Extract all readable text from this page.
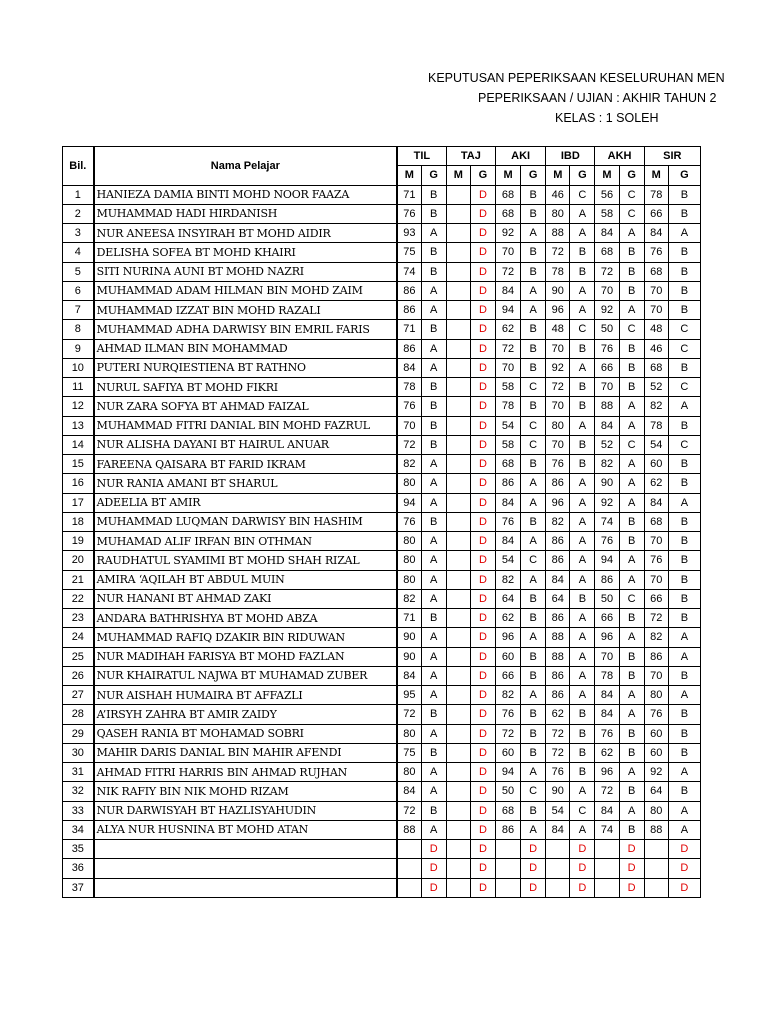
KEPUTUSAN PEPERIKSAAN KESELURUHAN MEN
PEPERIKSAAN / UJIAN : AKHIR TAHUN 2
KELAS : 1 SOLEH
Bil.	Nama Pelajar	TIL		TAJ		AKI		IBD		AKH		SIR	
		M	G	M	G	M	G	M	G	M	G	M	G
1	HANIEZA DAMIA BINTI MOHD NOOR FAAZA	71	B		D	68	B	46	C	56	C	78	B
2	MUHAMMAD HADI HIRDANISH	76	B		D	68	B	80	A	58	C	66	B
3	NUR ANEESA INSYIRAH BT MOHD AIDIR	93	A		D	92	A	88	A	84	A	84	A
4	DELISHA SOFEA BT MOHD KHAIRI	75	B		D	70	B	72	B	68	B	76	B
5	SITI NURINA AUNI BT MOHD NAZRI	74	B		D	72	B	78	B	72	B	68	B
6	MUHAMMAD ADAM HILMAN BIN MOHD ZAIM	86	A		D	84	A	90	A	70	B	70	B
7	MUHAMMAD IZZAT BIN MOHD RAZALI	86	A		D	94	A	96	A	92	A	70	B
8	MUHAMMAD ADHA DARWISY BIN EMRIL FARIS	71	B		D	62	B	48	C	50	C	48	C
9	AHMAD ILMAN BIN MOHAMMAD	86	A		D	72	B	70	B	76	B	46	C
10	PUTERI NURQIESTIENA BT RATHNO	84	A		D	70	B	92	A	66	B	68	B
11	NURUL SAFIYA BT MOHD FIKRI	78	B		D	58	C	72	B	70	B	52	C
12	NUR ZARA SOFYA BT AHMAD FAIZAL	76	B		D	78	B	70	B	88	A	82	A
13	MUHAMMAD FITRI DANIAL BIN MOHD FAZRUL	70	B		D	54	C	80	A	84	A	78	B
14	NUR ALISHA DAYANI BT HAIRUL ANUAR	72	B		D	58	C	70	B	52	C	54	C
15	FAREENA QAISARA BT FARID IKRAM	82	A		D	68	B	76	B	82	A	60	B
16	NUR RANIA AMANI BT SHARUL	80	A		D	86	A	86	A	90	A	62	B
17	ADEELIA BT AMIR	94	A		D	84	A	96	A	92	A	84	A
18	MUHAMMAD LUQMAN DARWISY BIN HASHIM	76	B		D	76	B	82	A	74	B	68	B
19	MUHAMAD ALIF IRFAN BIN OTHMAN	80	A		D	84	A	86	A	76	B	70	B
20	RAUDHATUL SYAMIMI BT MOHD SHAH RIZAL	80	A		D	54	C	86	A	94	A	76	B
21	AMIRA ‘AQILAH BT ABDUL MUIN	80	A		D	82	A	84	A	86	A	70	B
22	NUR HANANI BT AHMAD ZAKI	82	A		D	64	B	64	B	50	C	66	B
23	ANDARA BATHRISHYA BT MOHD ABZA	71	B		D	62	B	86	A	66	B	72	B
24	MUHAMMAD RAFIQ DZAKIR BIN RIDUWAN	90	A		D	96	A	88	A	96	A	82	A
25	NUR MADIHAH FARISYA BT MOHD FAZLAN	90	A		D	60	B	88	A	70	B	86	A
26	NUR KHAIRATUL NAJWA BT MUHAMAD ZUBER	84	A		D	66	B	86	A	78	B	70	B
27	NUR AISHAH HUMAIRA BT AFFAZLI	95	A		D	82	A	86	A	84	A	80	A
28	A’IRSYH ZAHRA BT AMIR ZAIDY	72	B		D	76	B	62	B	84	A	76	B
29	QASEH RANIA BT MOHAMAD SOBRI	80	A		D	72	B	72	B	76	B	60	B
30	MAHIR DARIS DANIAL BIN MAHIR AFENDI	75	B		D	60	B	72	B	62	B	60	B
31	AHMAD FITRI HARRIS BIN AHMAD RUJHAN	80	A		D	94	A	76	B	96	A	92	A
32	NIK RAFIY BIN NIK MOHD RIZAM	84	A		D	50	C	90	A	72	B	64	B
33	NUR DARWISYAH BT HAZLISYAHUDIN	72	B		D	68	B	54	C	84	A	80	A
34	ALYA NUR HUSNINA BT MOHD ATAN	88	A		D	86	A	84	A	74	B	88	A
35			D		D		D		D		D		D
36			D		D		D		D		D		D
37			D		D		D		D		D		D
